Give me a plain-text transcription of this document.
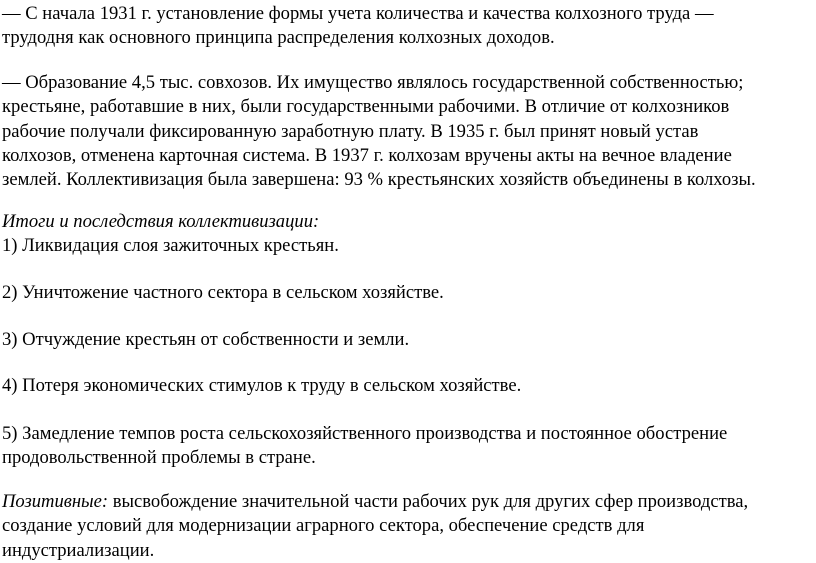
— С начала 1931 г. установление формы учета количества и качества колхозного труда —
трудодня как основного принципа распределения колхозных доходов.
— Образование 4,5 тыс. совхозов. Их имущество являлось государственной собственностью;
крестьяне, работавшие в них, были государственными рабочими. В отличие от колхозников
рабочие получали фиксированную заработную плату. В 1935 г. был принят новый устав
колхозов, отменена карточная система. В 1937 г. колхозам вручены акты на вечное владение
землей. Коллективизация была завершена: 93 % крестьянских хозяйств объединены в колхозы.
Итоги и последствия коллективизации:
1) Ликвидация слоя зажиточных крестьян.
2) Уничтожение частного сектора в сельском хозяйстве.
3) Отчуждение крестьян от собственности и земли.
4) Потеря экономических стимулов к труду в сельском хозяйстве.
5) Замедление темпов роста сельскохозяйственного производства и постоянное обострение
продовольственной проблемы в стране.
Позитивные: высвобождение значительной части рабочих рук для других сфер производства,
создание условий для модернизации аграрного сектора, обеспечение средств для
индустриализации.
